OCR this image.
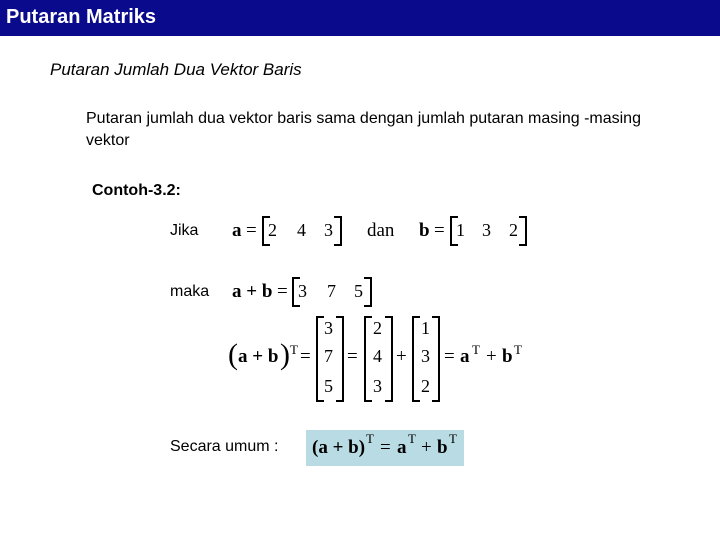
Putaran Matriks
Putaran Jumlah Dua Vektor Baris
Putaran jumlah dua vektor baris sama dengan jumlah putaran masing -masing vektor
Contoh-3.2:
Jika a = 2 4 3 dan b = 1 3 2
maka a + b = 3 7 5
( a + b ) T =
3
7
5
=
2
4
3
+
1
3
2
= a T + b T
Secara umum : (a + b) T = a T + b T
